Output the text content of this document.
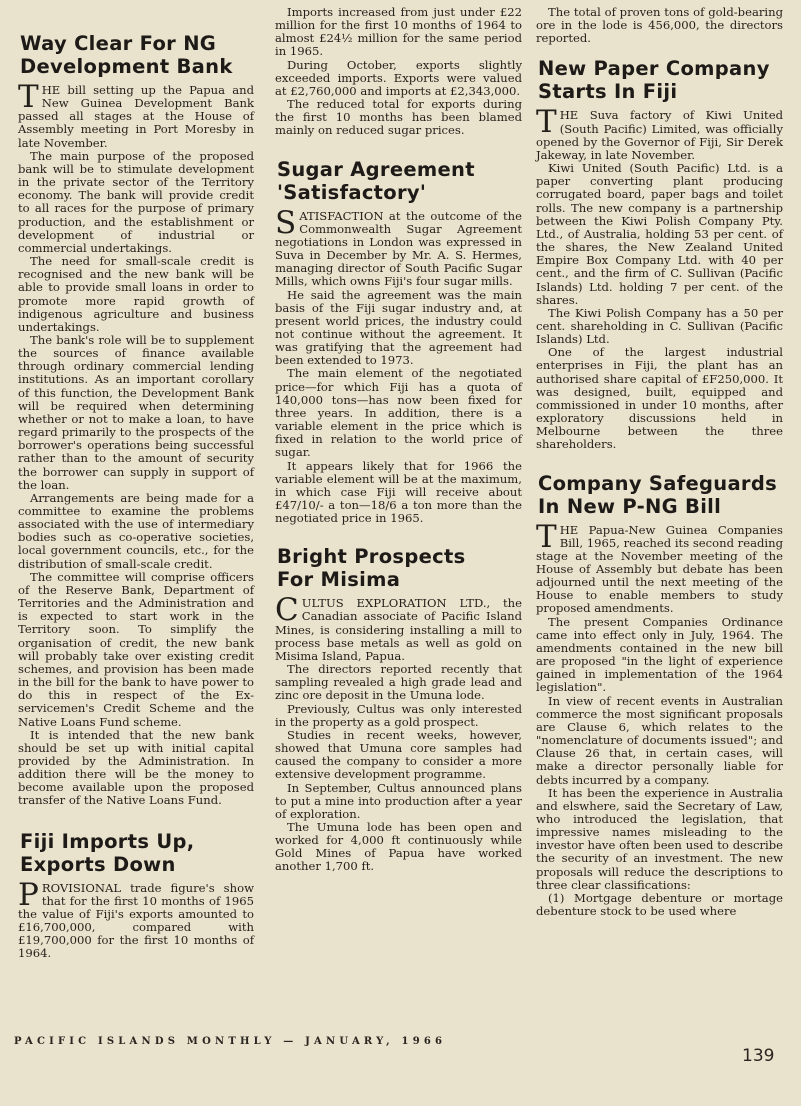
Way Clear For NG Development Bank

THE bill setting up the Papua and New Guinea Development Bank passed all stages at the House of Assembly meeting in Port Moresby in late November.

The main purpose of the proposed bank will be to stimulate development in the private sector of the Territory economy. The bank will provide credit to all races for the purpose of primary production, and the establishment or development of industrial or commercial undertakings.

The need for small-scale credit is recognised and the new bank will be able to provide small loans in order to promote more rapid growth of indigenous agriculture and business undertakings.

The bank's role will be to supplement the sources of finance available through ordinary commercial lending institutions. As an important corollary of this function, the Development Bank will be required when determining whether or not to make a loan, to have regard primarily to the prospects of the borrower's operations being successful rather than to the amount of security the borrower can supply in support of the loan.

Arrangements are being made for a committee to examine the problems associated with the use of intermediary bodies such as co-operative societies, local government councils, etc., for the distribution of small-scale credit.

The committee will comprise officers of the Reserve Bank, Department of Territories and the Administration and is expected to start work in the Territory soon. To simplify the organisation of credit, the new bank will probably take over existing credit schemes, and provision has been made in the bill for the bank to have power to do this in respect of the Ex-servicemen's Credit Scheme and the Native Loans Fund scheme.

It is intended that the new bank should be set up with initial capital provided by the Administration. In addition there will be the money to become available upon the proposed transfer of the Native Loans Fund.

Fiji Imports Up, Exports Down

PROVISIONAL trade figure's show that for the first 10 months of 1965 the value of Fiji's exports amounted to £16,700,000, compared with £19,700,000 for the first 10 months of 1964.

Imports increased from just under £22 million for the first 10 months of 1964 to almost £24½ million for the same period in 1965.

During October, exports slightly exceeded imports. Exports were valued at £2,760,000 and imports at £2,343,000.

The reduced total for exports during the first 10 months has been blamed mainly on reduced sugar prices.

Sugar Agreement 'Satisfactory'

SATISFACTION at the outcome of the Commonwealth Sugar Agreement negotiations in London was expressed in Suva in December by Mr. A. S. Hermes, managing director of South Pacific Sugar Mills, which owns Fiji's four sugar mills.

He said the agreement was the main basis of the Fiji sugar industry and, at present world prices, the industry could not continue without the agreement. It was gratifying that the agreement had been extended to 1973.

The main element of the negotiated price—for which Fiji has a quota of 140,000 tons—has now been fixed for three years. In addition, there is a variable element in the price which is fixed in relation to the world price of sugar.

It appears likely that for 1966 the variable element will be at the maximum, in which case Fiji will receive about £47/10/- a ton—18/6 a ton more than the negotiated price in 1965.

Bright Prospects For Misima

CULTUS EXPLORATION LTD., the Canadian associate of Pacific Island Mines, is considering installing a mill to process base metals as well as gold on Misima Island, Papua.

The directors reported recently that sampling revealed a high grade lead and zinc ore deposit in the Umuna lode.

Previously, Cultus was only interested in the property as a gold prospect.

Studies in recent weeks, however, showed that Umuna core samples had caused the company to consider a more extensive development programme.

In September, Cultus announced plans to put a mine into production after a year of exploration.

The Umuna lode has been open and worked for 4,000 ft continuously while Gold Mines of Papua have worked another 1,700 ft.

The total of proven tons of gold-bearing ore in the lode is 456,000, the directors reported.

New Paper Company Starts In Fiji

THE Suva factory of Kiwi United (South Pacific) Limited, was officially opened by the Governor of Fiji, Sir Derek Jakeway, in late November.

Kiwi United (South Pacific) Ltd. is a paper converting plant producing corrugated board, paper bags and toilet rolls. The new company is a partnership between the Kiwi Polish Company Pty. Ltd., of Australia, holding 53 per cent. of the shares, the New Zealand United Empire Box Company Ltd. with 40 per cent., and the firm of C. Sullivan (Pacific Islands) Ltd. holding 7 per cent. of the shares.

The Kiwi Polish Company has a 50 per cent. shareholding in C. Sullivan (Pacific Islands) Ltd.

One of the largest industrial enterprises in Fiji, the plant has an authorised share capital of £F250,000. It was designed, built, equipped and commissioned in under 10 months, after exploratory discussions held in Melbourne between the three shareholders.

Company Safeguards In New P-NG Bill

THE Papua-New Guinea Companies Bill, 1965, reached its second reading stage at the November meeting of the House of Assembly but debate has been adjourned until the next meeting of the House to enable members to study proposed amendments.

The present Companies Ordinance came into effect only in July, 1964. The amendments contained in the new bill are proposed "in the light of experience gained in implementation of the 1964 legislation".

In view of recent events in Australian commerce the most significant proposals are Clause 6, which relates to the "nomenclature of documents issued"; and Clause 26 that, in certain cases, will make a director personally liable for debts incurred by a company.

It has been the experience in Australia and elswhere, said the Secretary of Law, who introduced the legislation, that impressive names misleading to the investor have often been used to describe the security of an investment. The new proposals will reduce the descriptions to three clear classifications:

(1) Mortgage debenture or mortage debenture stock to be used where

PACIFIC ISLANDS MONTHLY — JANUARY, 1966
139
